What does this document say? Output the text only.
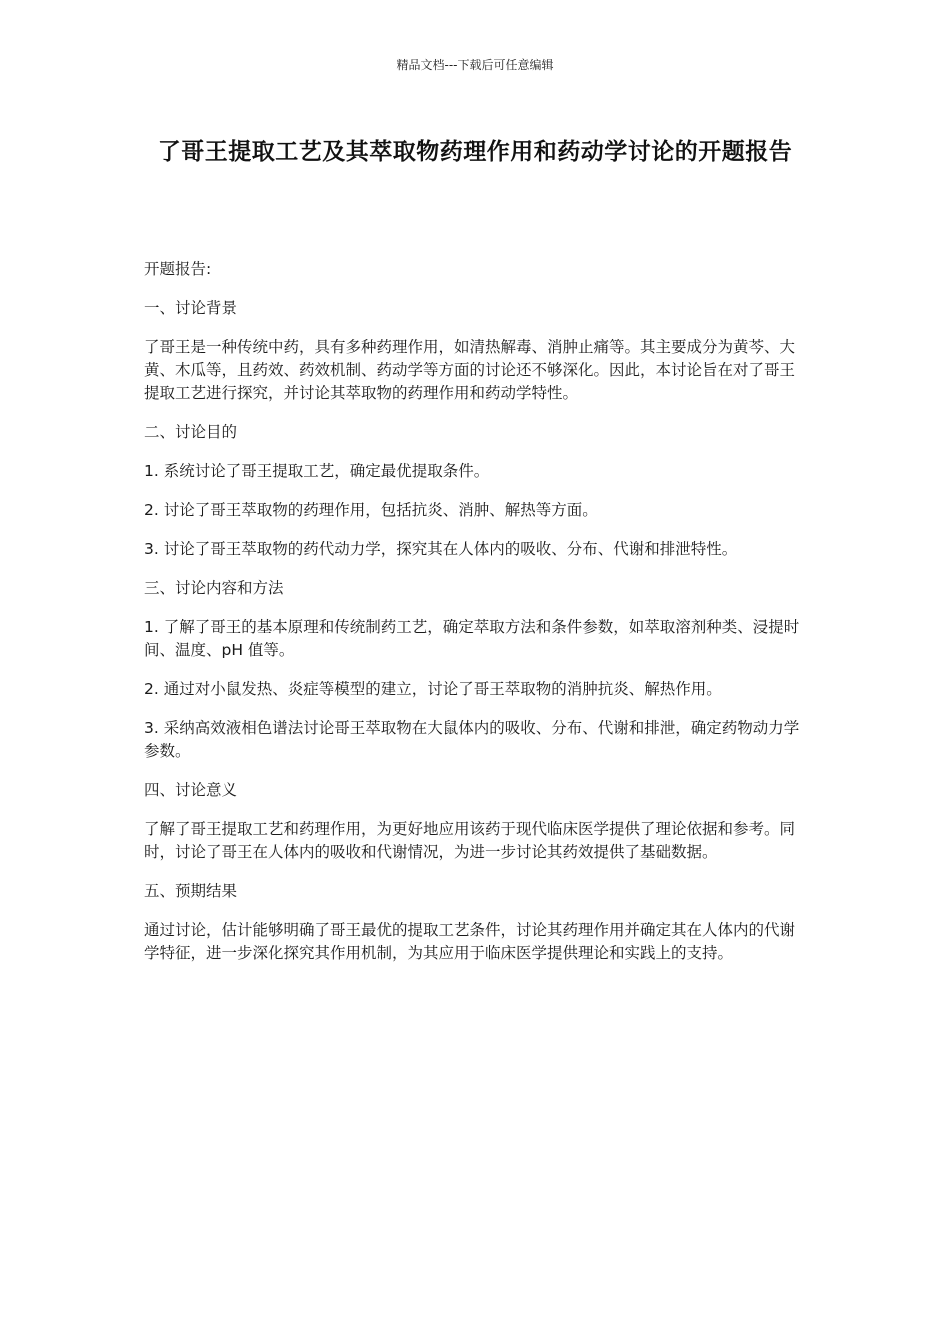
精品文档---下载后可任意编辑
了哥王提取工艺及其萃取物药理作用和药动学讨论的开题报告

开题报告:

一、讨论背景

了哥王是一种传统中药，具有多种药理作用，如清热解毒、消肿止痛等。其主要成分为黄芩、大黄、木瓜等，且药效、药效机制、药动学等方面的讨论还不够深化。因此，本讨论旨在对了哥王提取工艺进行探究，并讨论其萃取物的药理作用和药动学特性。

二、讨论目的

1. 系统讨论了哥王提取工艺，确定最优提取条件。

2. 讨论了哥王萃取物的药理作用，包括抗炎、消肿、解热等方面。

3. 讨论了哥王萃取物的药代动力学，探究其在人体内的吸收、分布、代谢和排泄特性。

三、讨论内容和方法

1. 了解了哥王的基本原理和传统制药工艺，确定萃取方法和条件参数，如萃取溶剂种类、浸提时间、温度、pH 值等。

2. 通过对小鼠发热、炎症等模型的建立，讨论了哥王萃取物的消肿抗炎、解热作用。

3. 采纳高效液相色谱法讨论哥王萃取物在大鼠体内的吸收、分布、代谢和排泄，确定药物动力学参数。

四、讨论意义

了解了哥王提取工艺和药理作用，为更好地应用该药于现代临床医学提供了理论依据和参考。同时，讨论了哥王在人体内的吸收和代谢情况，为进一步讨论其药效提供了基础数据。

五、预期结果

通过讨论，估计能够明确了哥王最优的提取工艺条件，讨论其药理作用并确定其在人体内的代谢学特征，进一步深化探究其作用机制，为其应用于临床医学提供理论和实践上的支持。
